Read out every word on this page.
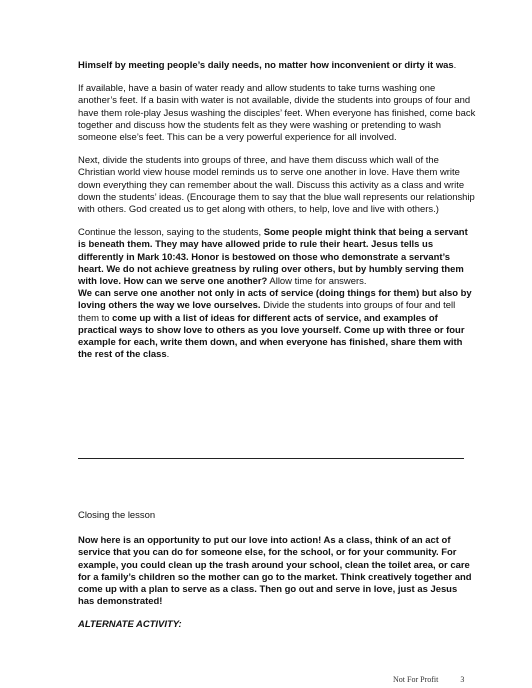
Himself by meeting people’s daily needs, no matter how inconvenient or dirty it was.

If available, have a basin of water ready and allow students to take turns washing one another’s feet. If a basin with water is not available, divide the students into groups of four and have them role-play Jesus washing the disciples’ feet. When everyone has finished, come back together and discuss how the students felt as they were washing or pretending to wash someone else’s feet. This can be a very powerful experience for all involved.

Next, divide the students into groups of three, and have them discuss which wall of the Christian world view house model reminds us to serve one another in love. Have them write down everything they can remember about the wall. Discuss this activity as a class and write down the students’ ideas. (Encourage them to say that the blue wall represents our relationship with others. God created us to get along with others, to help, love and live with others.)

Continue the lesson, saying to the students, Some people might think that being a servant is beneath them. They may have allowed pride to rule their heart. Jesus tells us differently in Mark 10:43. Honor is bestowed on those who demonstrate a servant’s heart. We do not achieve greatness by ruling over others, but by humbly serving them with love. How can we serve one another? Allow time for answers.

We can serve one another not only in acts of service (doing things for them) but also by loving others the way we love ourselves. Divide the students into groups of four and tell them to come up with a list of ideas for different acts of service, and examples of practical ways to show love to others as you love yourself. Come up with three or four example for each, write them down, and when everyone has finished, share them with the rest of the class.

Closing the lesson

Now here is an opportunity to put our love into action! As a class, think of an act of service that you can do for someone else, for the school, or for your community. For example, you could clean up the trash around your school, clean the toilet area, or care for a family’s children so the mother can go to the market. Think creatively together and come up with a plan to serve as a class. Then go out and serve in love, just as Jesus has demonstrated!

ALTERNATE ACTIVITY:

Not For Profit	3
